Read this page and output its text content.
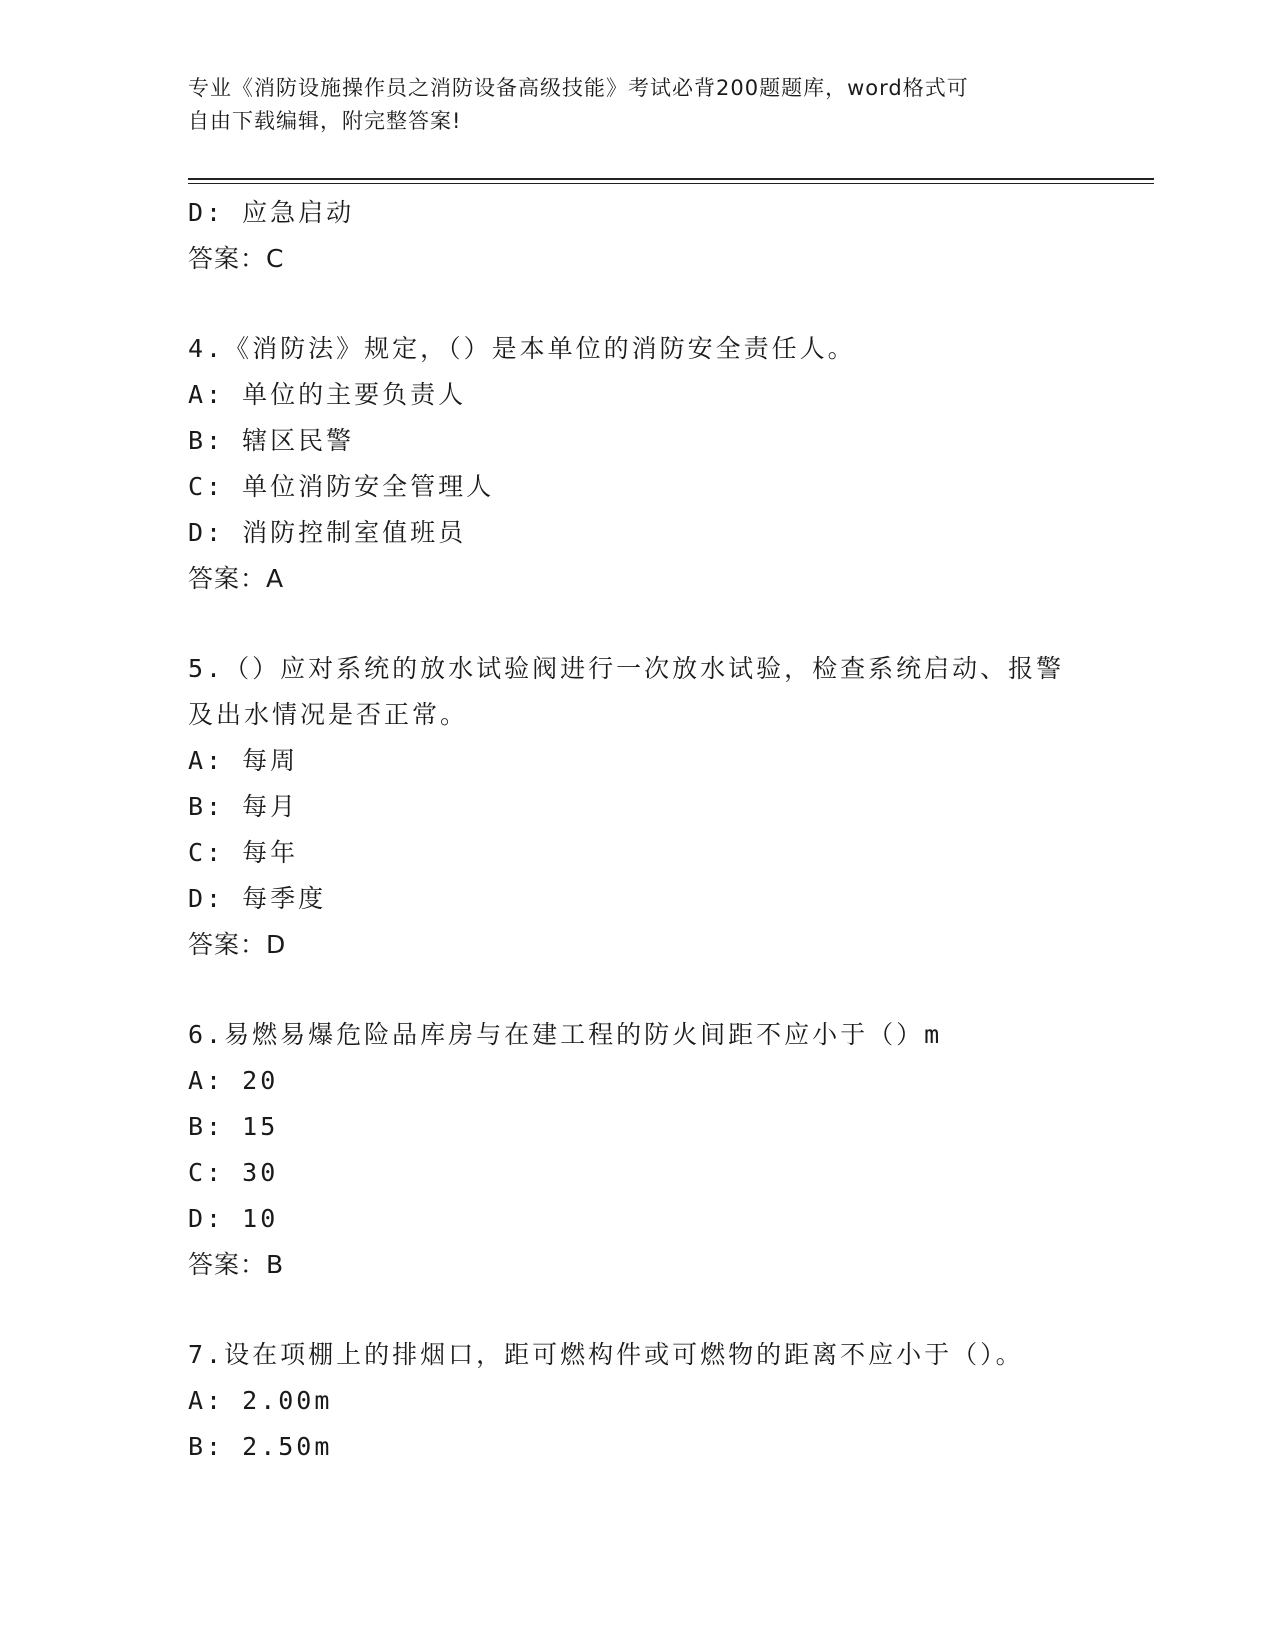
专业《消防设施操作员之消防设备高级技能》考试必背200题题库，word格式可
自由下载编辑，附完整答案!
D: 应急启动
答案：C
4.《消防法》规定，（）是本单位的消防安全责任人。
A: 单位的主要负责人
B: 辖区民警
C: 单位消防安全管理人
D: 消防控制室值班员
答案：A
5.（）应对系统的放水试验阀进行一次放水试验，检查系统启动、报警及出水情况是否正常。
A: 每周
B: 每月
C: 每年
D: 每季度
答案：D
6.易燃易爆危险品库房与在建工程的防火间距不应小于（）m
A: 20
B: 15
C: 30
D: 10
答案：B
7.设在项棚上的排烟口，距可燃构件或可燃物的距离不应小于（）。
A: 2.00m
B: 2.50m
